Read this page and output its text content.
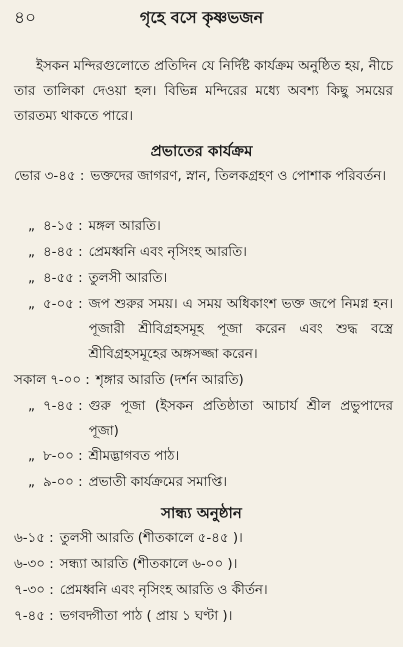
৪০	গৃহে বসে কৃষ্ণভজন
ইসকন মন্দিরগুলোতে প্রতিদিন যে নির্দিষ্ট কার্যক্রম অনুষ্ঠিত হয়, নীচে তার তালিকা দেওয়া হল। বিভিন্ন মন্দিরের মধ্যে অবশ্য কিছু সময়ের তারতম্য থাকতে পারে।
প্রভাতের কার্যক্রম
ভোর ৩-৪৫ : ভক্তদের জাগরণ, স্নান, তিলকগ্রহণ ও পোশাক পরিবর্তন।
„ ৪-১৫ : মঙ্গল আরতি।
„ ৪-৪৫ : প্রেমধ্বনি এবং নৃসিংহ আরতি।
„ ৪-৫৫ : তুলসী আরতি।
„ ৫-০৫ : জপ শুরুর সময়। এ সময় অধিকাংশ ভক্ত জপে নিমগ্ন হন। পূজারী শ্রীবিগ্রহসমূহ পূজা করেন এবং শুদ্ধ বস্ত্রে শ্রীবিগ্রহসমূহের অঙ্গসজ্জা করেন।
সকাল ৭-০০ : শৃঙ্গার আরতি (দর্শন আরতি)
„ ৭-৪৫ : গুরু পূজা (ইসকন প্রতিষ্ঠাতা আচার্য শ্রীল প্রভুপাদের পূজা)
„ ৮-০০ : শ্রীমদ্ভাগবত পাঠ।
„ ৯-০০ : প্রভাতী কার্যক্রমের সমাপ্তি।
সান্ধ্য অনুষ্ঠান
৬-১৫ : তুলসী আরতি (শীতকালে ৫-৪৫ )।
৬-৩০ : সন্ধ্যা আরতি (শীতকালে ৬-০০ )।
৭-৩০ : প্রেমধ্বনি এবং নৃসিংহ আরতি ও কীর্তন।
৭-৪৫ : ভগবদ্গীতা পাঠ ( প্রায় ১ ঘণ্টা )।
